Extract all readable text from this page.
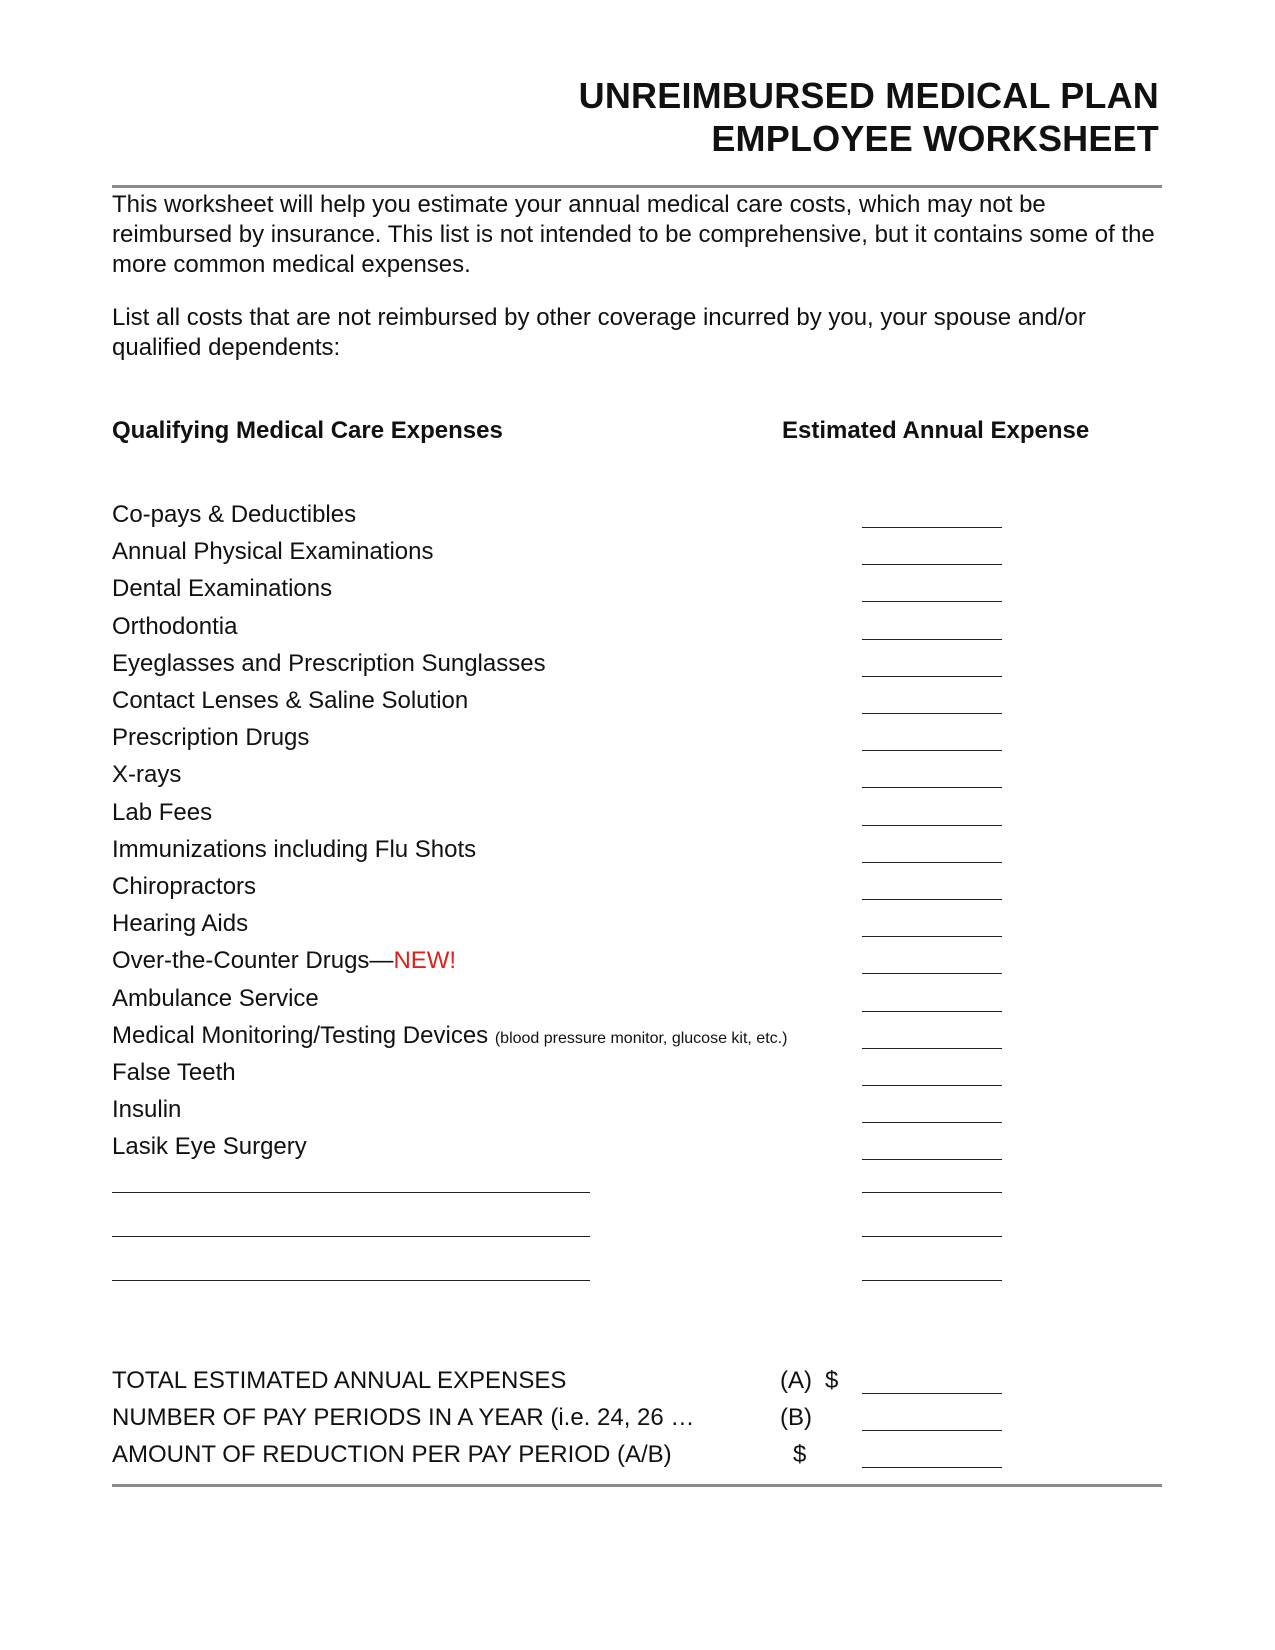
UNREIMBURSED MEDICAL PLAN
EMPLOYEE WORKSHEET

This worksheet will help you estimate your annual medical care costs, which may not be reimbursed by insurance. This list is not intended to be comprehensive, but it contains some of the more common medical expenses.

List all costs that are not reimbursed by other coverage incurred by you, your spouse and/or qualified dependents:

Qualifying Medical Care Expenses	Estimated Annual Expense
Co-pays & Deductibles
Annual Physical Examinations
Dental Examinations
Orthodontia
Eyeglasses and Prescription Sunglasses
Contact Lenses & Saline Solution
Prescription Drugs
X-rays
Lab Fees
Immunizations including Flu Shots
Chiropractors
Hearing Aids
Over-the-Counter Drugs—NEW!
Ambulance Service
Medical Monitoring/Testing Devices (blood pressure monitor, glucose kit, etc.)
False Teeth
Insulin
Lasik Eye Surgery
TOTAL ESTIMATED ANNUAL EXPENSES	(A) $
NUMBER OF PAY PERIODS IN A YEAR (i.e. 24, 26 …	(B)
AMOUNT OF REDUCTION PER PAY PERIOD (A/B)	$
